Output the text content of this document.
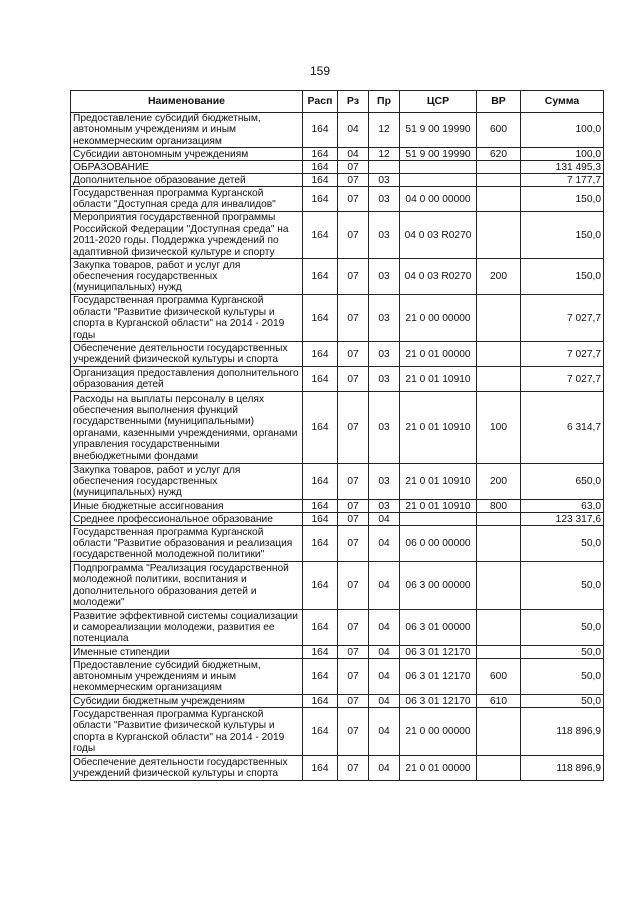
159
Наименование	Расп	Рз	Пр	ЦСР	ВР	Сумма
Предоставление субсидий бюджетным, автономным учреждениям и иным некоммерческим организациям	164	04	12	51 9 00 19990	600	100,0
Субсидии автономным учреждениям	164	04	12	51 9 00 19990	620	100,0
ОБРАЗОВАНИЕ	164	07				131 495,3
Дополнительное образование детей	164	07	03			7 177,7
Государственная программа Курганской области "Доступная среда для инвалидов"	164	07	03	04 0 00 00000		150,0
Мероприятия государственной программы Российской Федерации "Доступная среда" на 2011-2020 годы. Поддержка учреждений по адаптивной физической культуре и спорту	164	07	03	04 0 03 R0270		150,0
Закупка товаров, работ и услуг для обеспечения государственных (муниципальных) нужд	164	07	03	04 0 03 R0270	200	150,0
Государственная программа Курганской области "Развитие физической культуры и спорта в Курганской области" на 2014 - 2019 годы	164	07	03	21 0 00 00000		7 027,7
Обеспечение деятельности государственных учреждений физической культуры и спорта	164	07	03	21 0 01 00000		7 027,7
Организация предоставления дополнительного образования детей	164	07	03	21 0 01 10910		7 027,7
Расходы на выплаты персоналу в целях обеспечения выполнения функций государственными (муниципальными) органами, казенными учреждениями, органами управления государственными внебюджетными фондами	164	07	03	21 0 01 10910	100	6 314,7
Закупка товаров, работ и услуг для обеспечения государственных (муниципальных) нужд	164	07	03	21 0 01 10910	200	650,0
Иные бюджетные ассигнования	164	07	03	21 0 01 10910	800	63,0
Среднее профессиональное образование	164	07	04			123 317,6
Государственная программа Курганской области "Развитие образования и реализация государственной молодежной политики"	164	07	04	06 0 00 00000		50,0
Подпрограмма "Реализация государственной молодежной политики, воспитания и дополнительного образования детей и молодежи"	164	07	04	06 3 00 00000		50,0
Развитие эффективной системы социализации и самореализации молодежи, развития ее потенциала	164	07	04	06 3 01 00000		50,0
Именные стипендии	164	07	04	06 3 01 12170		50,0
Предоставление субсидий бюджетным, автономным учреждениям и иным некоммерческим организациям	164	07	04	06 3 01 12170	600	50,0
Субсидии бюджетным учреждениям	164	07	04	06 3 01 12170	610	50,0
Государственная программа Курганской области "Развитие физической культуры и спорта в Курганской области" на 2014 - 2019 годы	164	07	04	21 0 00 00000		118 896,9
Обеспечение деятельности государственных учреждений физической культуры и спорта	164	07	04	21 0 01 00000		118 896,9
